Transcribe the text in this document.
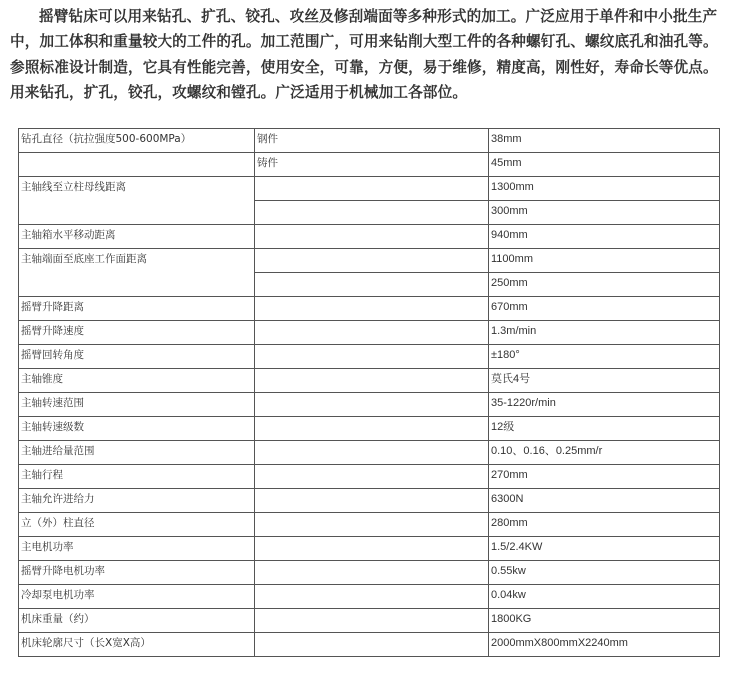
摇臂钻床可以用来钻孔、扩孔、铰孔、攻丝及修刮端面等多种形式的加工。广泛应用于单件和中小批生产中，加工体积和重量较大的工件的孔。加工范围广，可用来钻削大型工件的各种螺钉孔、螺纹底孔和油孔等。参照标准设计制造，它具有性能完善，使用安全，可靠，方便，易于维修，精度高，刚性好，寿命长等优点。用来钻孔，扩孔，铰孔，攻螺纹和镗孔。广泛适用于机械加工各部位。

钻孔直径（抗拉强度500-600MPa）	钢件	38mm
	铸件	45mm
主轴线至立柱母线距离		1300mm
		300mm
主轴箱水平移动距离		940mm
主轴端面至底座工作面距离		1100mm
		250mm
摇臂升降距离		670mm
摇臂升降速度		1.3m/min
摇臂回转角度		±180°
主轴锥度		莫氏4号
主轴转速范围		35-1220r/min
主轴转速级数		12级
主轴进给量范围		0.10、0.16、0.25mm/r
主轴行程		270mm
主轴允许进给力		6300N
立（外）柱直径		280mm
主电机功率		1.5/2.4KW
摇臂升降电机功率		0.55kw
冷却泵电机功率		0.04kw
机床重量（约）		1800KG
机床轮廓尺寸（长X宽X高）		2000mmX800mmX2240mm
